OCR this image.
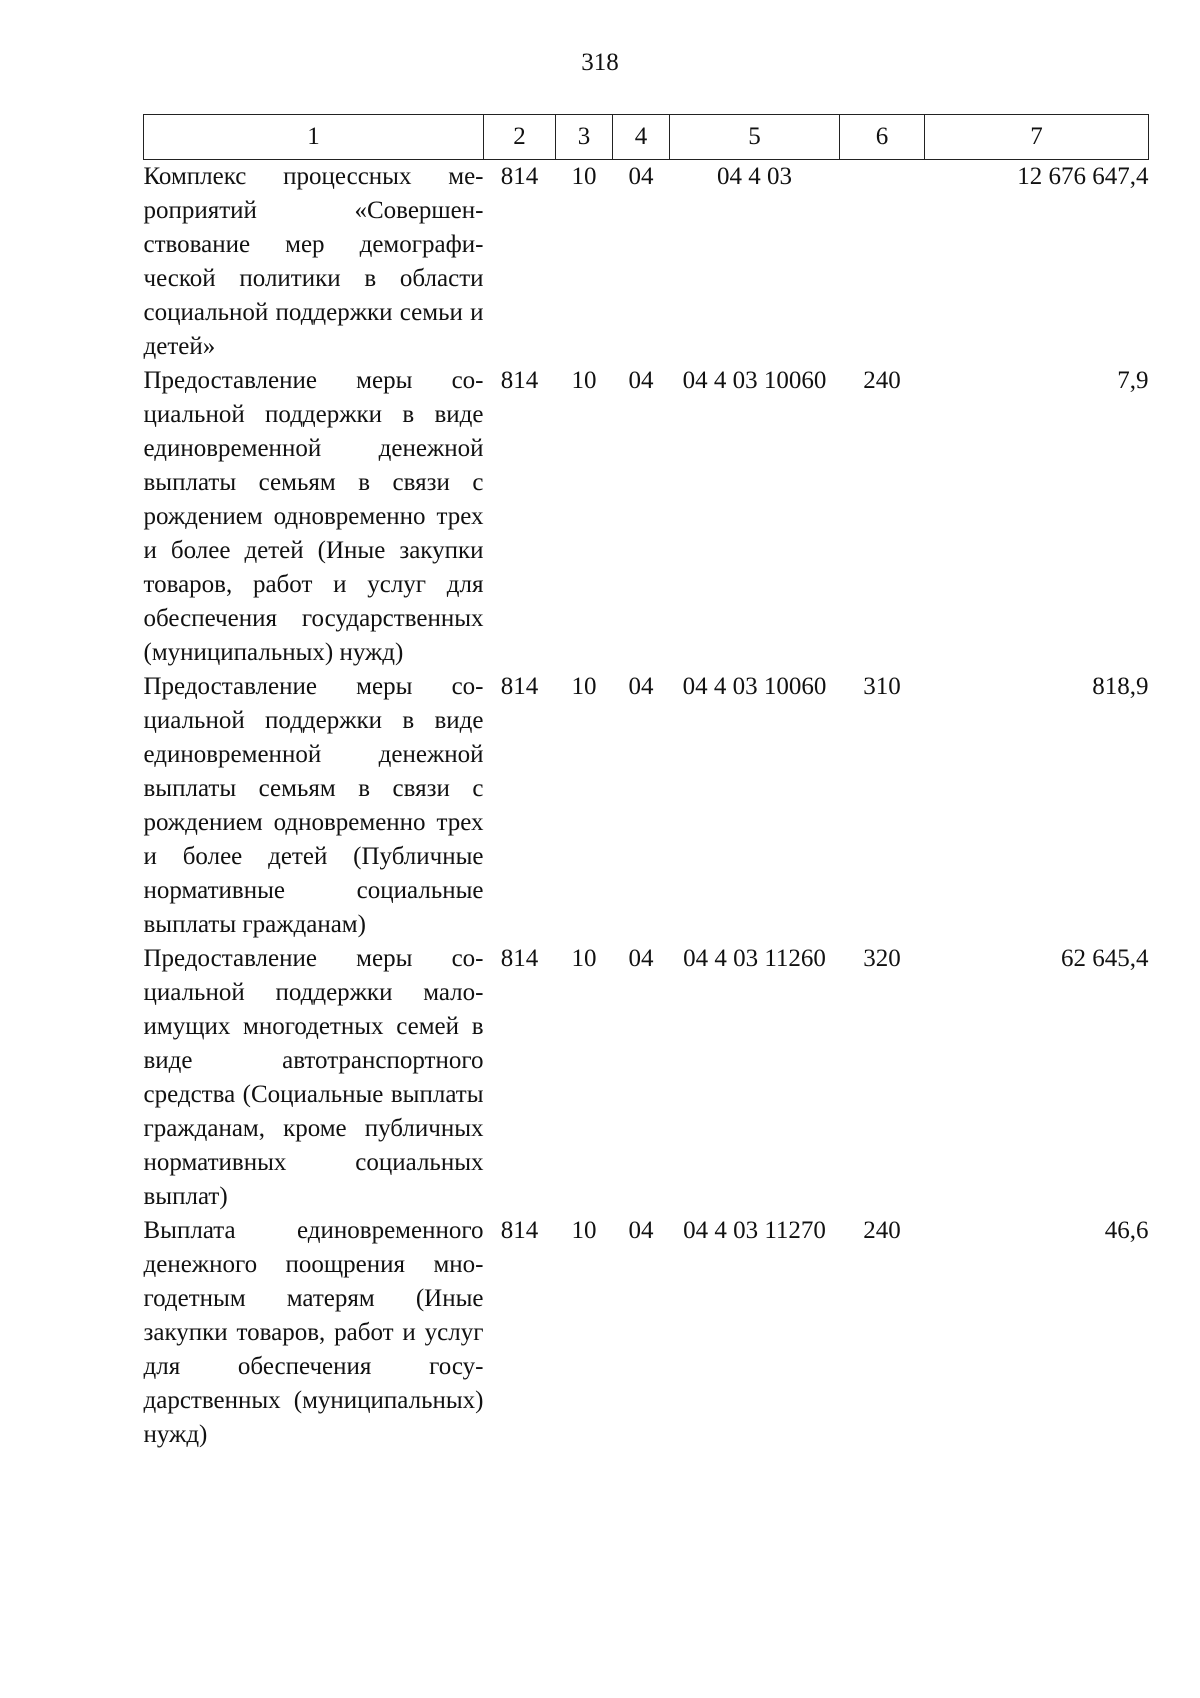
318
1	2	3	4	5	6	7
Комплекс процессных мероприятий «Совершенствование мер демографической политики в области социальной поддержки семьи и детей»	814	10	04	04 4 03		12 676 647,4
Предоставление меры социальной поддержки в виде единовременной денежной выплаты семьям в связи с рождением одновременно трех и более детей (Иные закупки товаров, работ и услуг для обеспечения государственных (муниципальных) нужд)	814	10	04	04 4 03 10060	240	7,9
Предоставление меры социальной поддержки в виде единовременной денежной выплаты семьям в связи с рождением одновременно трех и более детей (Публичные нормативные социальные выплаты гражданам)	814	10	04	04 4 03 10060	310	818,9
Предоставление меры социальной поддержки малоимущих многодетных семей в виде автотранспортного средства (Социальные выплаты гражданам, кроме публичных нормативных социальных выплат)	814	10	04	04 4 03 11260	320	62 645,4
Выплата единовременного денежного поощрения многодетным матерям (Иные закупки товаров, работ и услуг для обеспечения государственных (муниципальных) нужд)	814	10	04	04 4 03 11270	240	46,6
